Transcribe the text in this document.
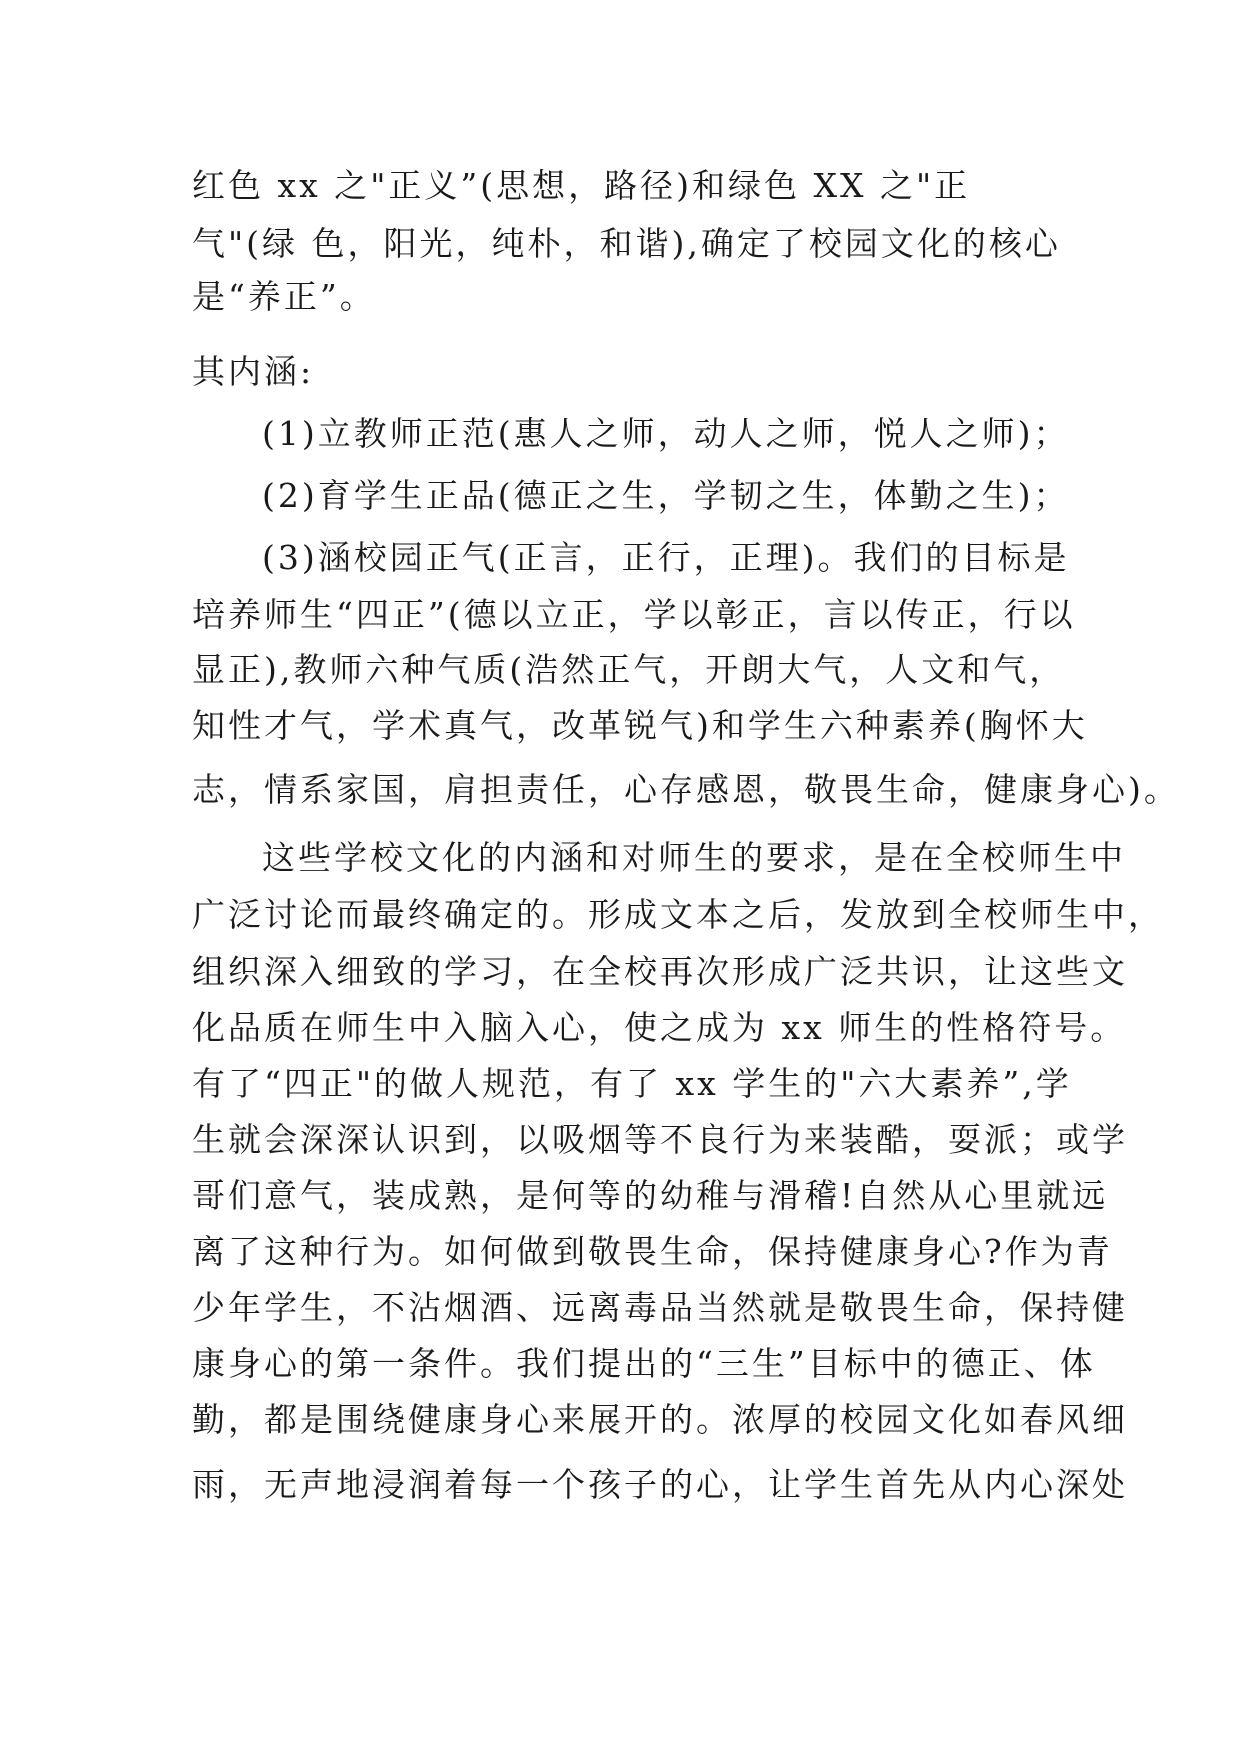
红色 xx 之"正义”(思想，路径)和绿色 XX 之"正
气"(绿 色，阳光，纯朴，和谐),确定了校园文化的核心
是“养正”。
其内涵:
(1)立教师正范(惠人之师，动人之师，悦人之师)；
(2)育学生正品(德正之生，学韧之生，体勤之生)；
(3)涵校园正气(正言，正行，正理)。我们的目标是
培养师生“四正”(德以立正，学以彰正，言以传正，行以
显正),教师六种气质(浩然正气，开朗大气，人文和气，
知性才气，学术真气，改革锐气)和学生六种素养(胸怀大
志，情系家国，肩担责任，心存感恩，敬畏生命，健康身心)。
这些学校文化的内涵和对师生的要求，是在全校师生中
广泛讨论而最终确定的。形成文本之后，发放到全校师生中，
组织深入细致的学习，在全校再次形成广泛共识，让这些文
化品质在师生中入脑入心，使之成为 xx 师生的性格符号。
有了“四正"的做人规范，有了 xx 学生的"六大素养”,学
生就会深深认识到，以吸烟等不良行为来装酷，耍派；或学
哥们意气，装成熟，是何等的幼稚与滑稽!自然从心里就远
离了这种行为。如何做到敬畏生命，保持健康身心?作为青
少年学生，不沾烟酒、远离毒品当然就是敬畏生命，保持健
康身心的第一条件。我们提出的“三生”目标中的德正、体
勤，都是围绕健康身心来展开的。浓厚的校园文化如春风细
雨，无声地浸润着每一个孩子的心，让学生首先从内心深处
